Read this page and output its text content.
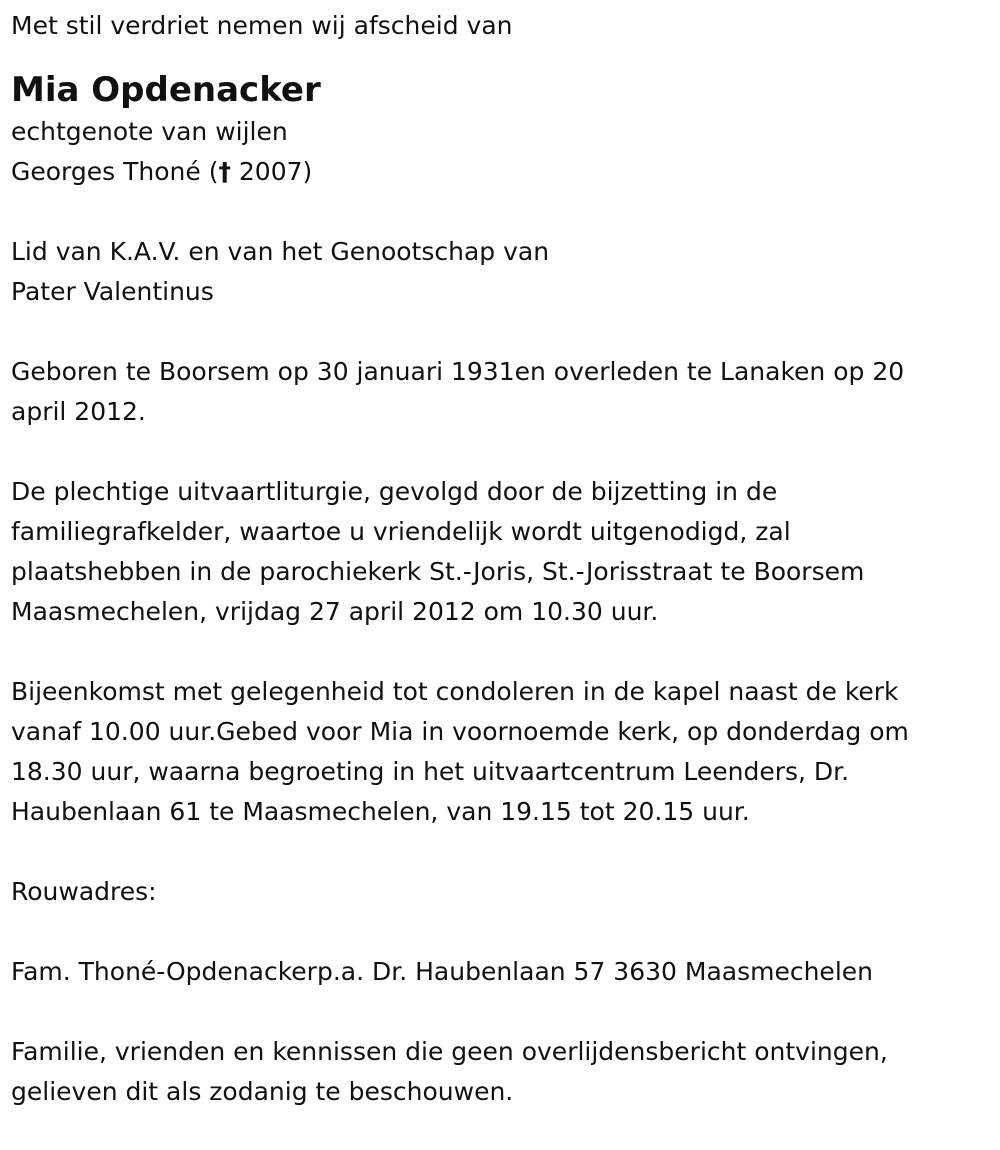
Met stil verdriet nemen wij afscheid van

Mia Opdenacker

echtgenote van wijlen

Georges Thoné († 2007)

Lid van K.A.V. en van het Genootschap van

Pater Valentinus

Geboren te Boorsem op 30 januari 1931en overleden te Lanaken op 20

april 2012.

De plechtige uitvaartliturgie, gevolgd door de bijzetting in de

familiegrafkelder, waartoe u vriendelijk wordt uitgenodigd, zal

plaatshebben in de parochiekerk St.-Joris, St.-Jorisstraat te Boorsem

Maasmechelen, vrijdag 27 april 2012 om 10.30 uur.

Bijeenkomst met gelegenheid tot condoleren in de kapel naast de kerk

vanaf 10.00 uur.Gebed voor Mia in voornoemde kerk, op donderdag om

18.30 uur, waarna begroeting in het uitvaartcentrum Leenders, Dr.

Haubenlaan 61 te Maasmechelen, van 19.15 tot 20.15 uur.

Rouwadres:

Fam. Thoné-Opdenackerp.a. Dr. Haubenlaan 57 3630 Maasmechelen

Familie, vrienden en kennissen die geen overlijdensbericht ontvingen,

gelieven dit als zodanig te beschouwen.
